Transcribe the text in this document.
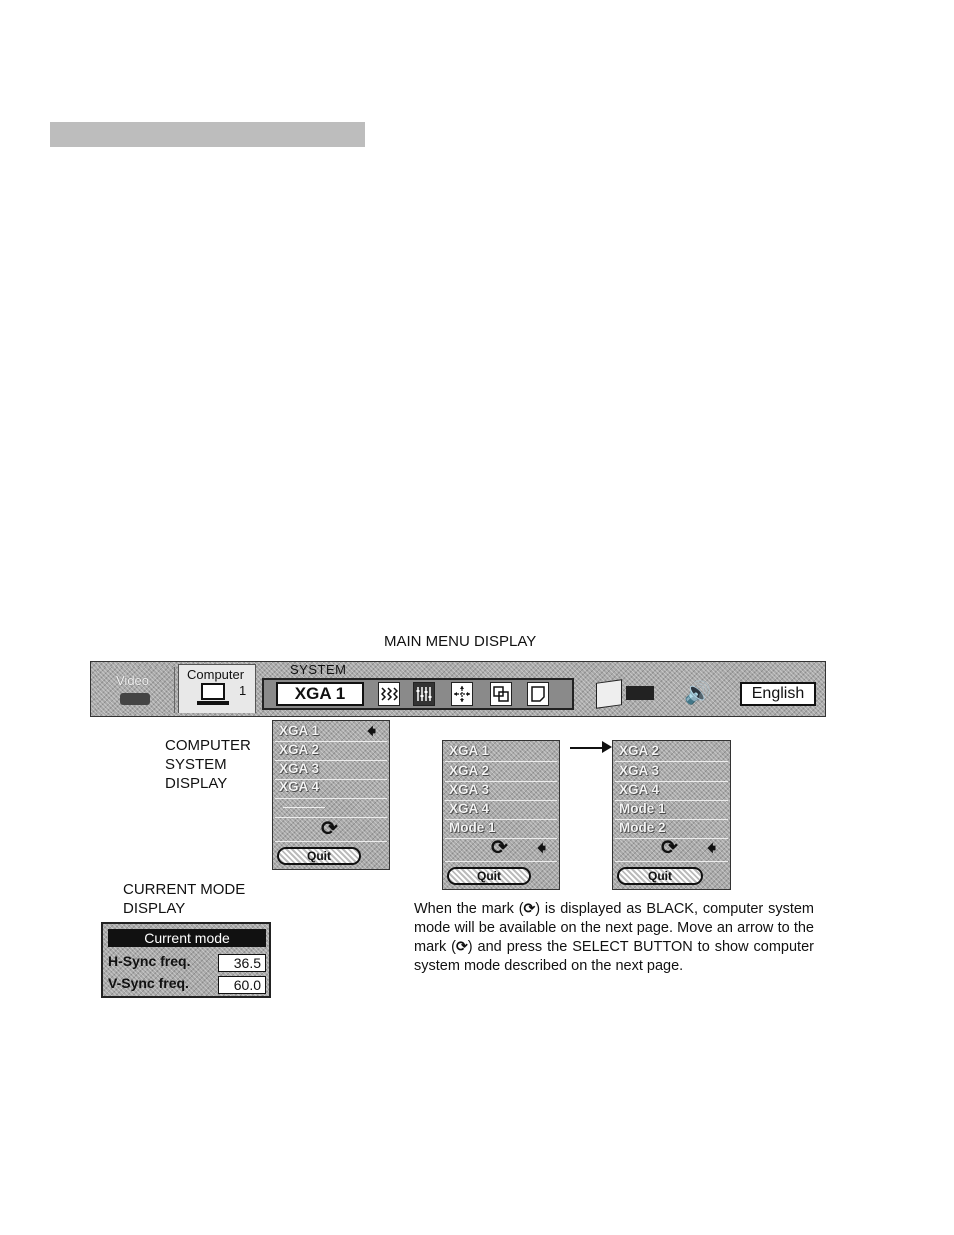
MAIN MENU DISPLAY
Video	Computer
1
SYSTEM
XGA 1	🔊	English
COMPUTER
SYSTEM
DISPLAY
CURRENT MODE
DISPLAY
XGA 1	🠸
XGA 2
XGA 3
XGA 4
⟳
Quit
XGA 1
XGA 2
XGA 3
XGA 4
Mode 1
⟳ 🠸
Quit
XGA 2
XGA 3
XGA 4
Mode 1
Mode 2
⟳ 🠸
Quit
Current mode
H-Sync freq.	36.5
V-Sync freq.	60.0
When the mark (⟳) is displayed as BLACK, computer system mode will be available on the next page. Move an arrow to the mark (⟳) and press the SELECT BUTTON to show computer system mode described on the next page.
